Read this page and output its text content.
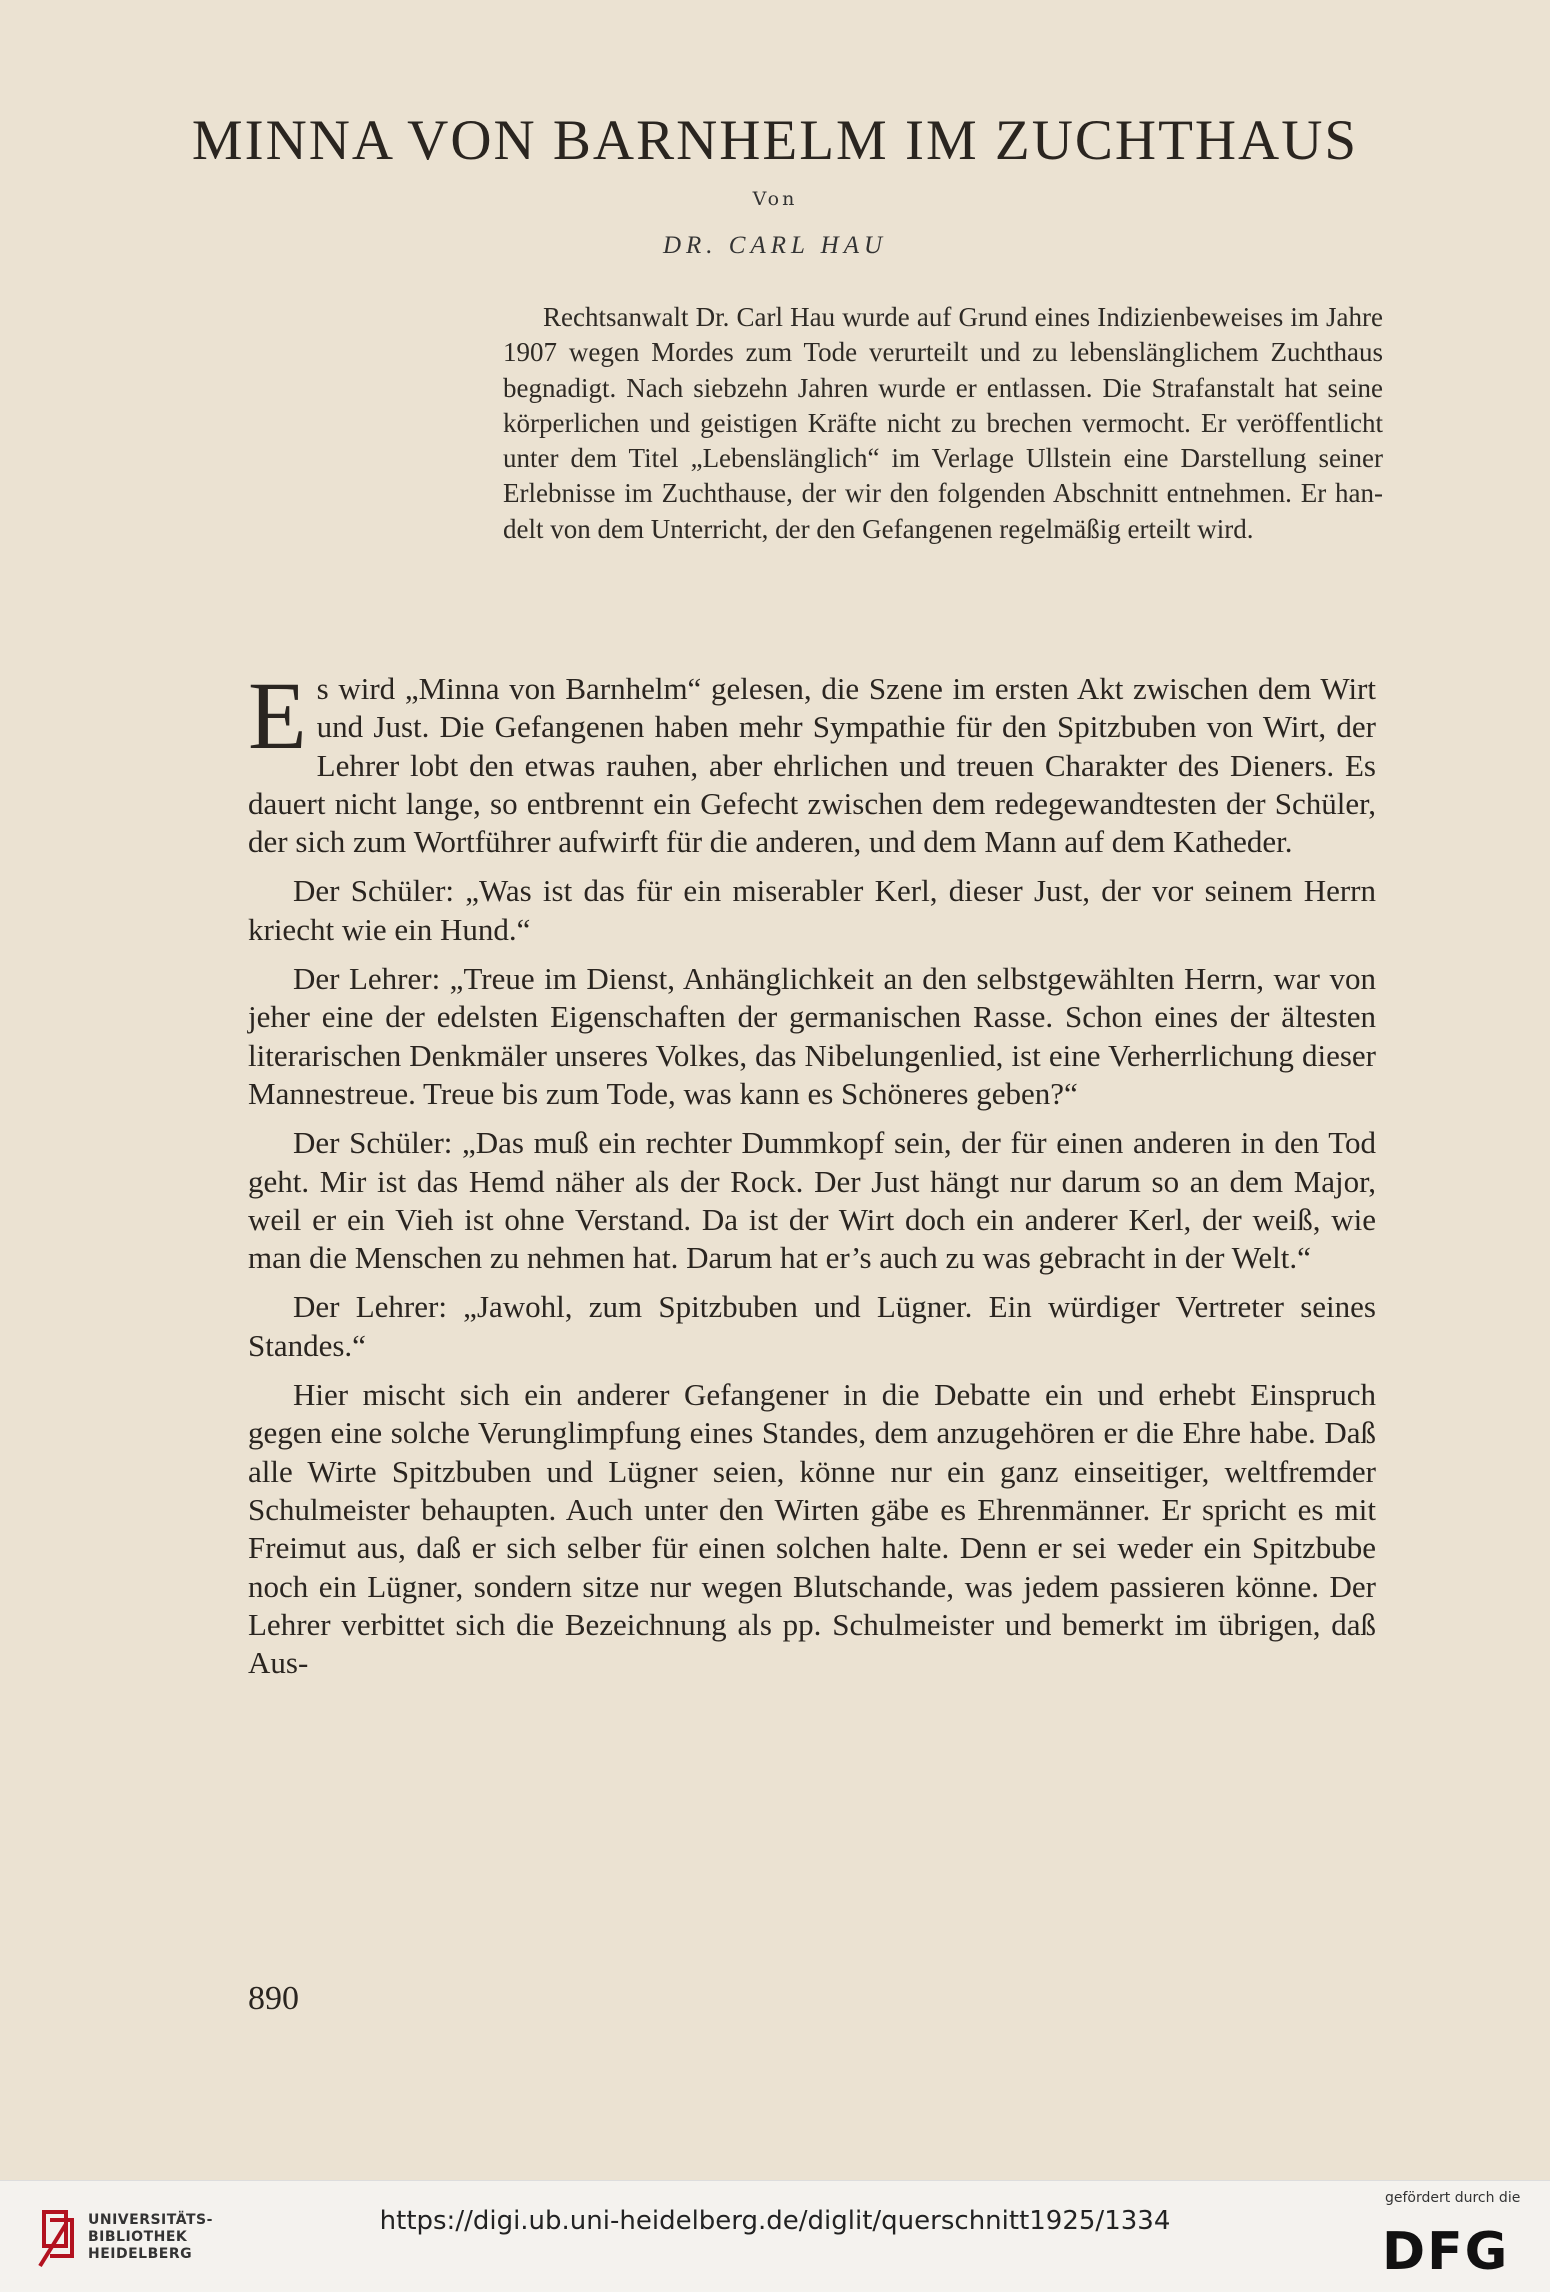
MINNA VON BARNHELM IM ZUCHTHAUS
Von
DR. CARL HAU

Rechtsanwalt Dr. Carl Hau wurde auf Grund eines Indizienbeweises im Jahre 1907 wegen Mordes zum Tode verurteilt und zu lebenslänglichem Zuchthaus begnadigt. Nach siebzehn Jahren wurde er entlassen. Die Strafanstalt hat seine körperlichen und geistigen Kräfte nicht zu brechen vermocht. Er veröffentlicht unter dem Titel „Lebenslänglich“ im Verlage Ullstein eine Darstellung seiner Erlebnisse im Zuchthause, der wir den folgenden Abschnitt entnehmen. Er handelt von dem Unterricht, der den Gefangenen regelmäßig erteilt wird.

Es wird „Minna von Barnhelm“ gelesen, die Szene im ersten Akt zwischen dem Wirt und Just. Die Gefangenen haben mehr Sympathie für den Spitzbuben von Wirt, der Lehrer lobt den etwas rauhen, aber ehrlichen und treuen Charakter des Dieners. Es dauert nicht lange, so entbrennt ein Gefecht zwischen dem redegewandtesten der Schüler, der sich zum Wortführer aufwirft für die anderen, und dem Mann auf dem Katheder.

Der Schüler: „Was ist das für ein miserabler Kerl, dieser Just, der vor seinem Herrn kriecht wie ein Hund.“

Der Lehrer: „Treue im Dienst, Anhänglichkeit an den selbstgewählten Herrn, war von jeher eine der edelsten Eigenschaften der germanischen Rasse. Schon eines der ältesten literarischen Denkmäler unseres Volkes, das Nibelungenlied, ist eine Verherrlichung dieser Mannestreue. Treue bis zum Tode, was kann es Schöneres geben?“

Der Schüler: „Das muß ein rechter Dummkopf sein, der für einen anderen in den Tod geht. Mir ist das Hemd näher als der Rock. Der Just hängt nur darum so an dem Major, weil er ein Vieh ist ohne Verstand. Da ist der Wirt doch ein anderer Kerl, der weiß, wie man die Menschen zu nehmen hat. Darum hat er’s auch zu was gebracht in der Welt.“

Der Lehrer: „Jawohl, zum Spitzbuben und Lügner. Ein würdiger Vertreter seines Standes.“

Hier mischt sich ein anderer Gefangener in die Debatte ein und erhebt Einspruch gegen eine solche Verunglimpfung eines Standes, dem anzugehören er die Ehre habe. Daß alle Wirte Spitzbuben und Lügner seien, könne nur ein ganz einseitiger, weltfremder Schulmeister behaupten. Auch unter den Wirten gäbe es Ehrenmänner. Er spricht es mit Freimut aus, daß er sich selber für einen solchen halte. Denn er sei weder ein Spitzbube noch ein Lügner, sondern sitze nur wegen Blutschande, was jedem passieren könne. Der Lehrer verbittet sich die Bezeichnung als pp. Schulmeister und bemerkt im übrigen, daß Aus-

890
UNIVERSITÄTS-
BIBLIOTHEK
HEIDELBERG
https://digi.ub.uni-heidelberg.de/diglit/querschnitt1925/1334
gefördert durch die
DFG
